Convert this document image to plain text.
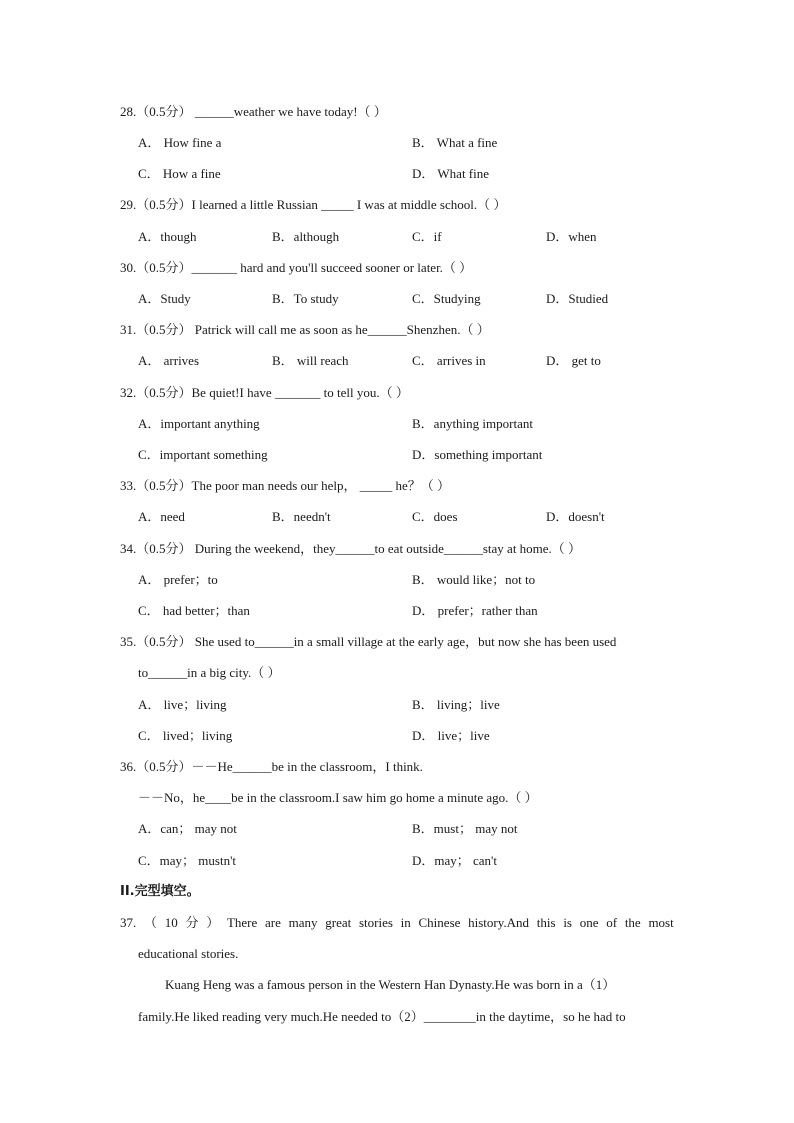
28.（0.5分） ______weather we have today!（ ）
A． How fine a	B． What a fine
C． How a fine	D． What fine
29.（0.5分）I learned a little Russian _____ I was at middle school.（ ）
A．though	B．although	C．if	D．when
30.（0.5分）_______ hard and you'll succeed sooner or later.（ ）
A．Study	B．To study	C．Studying	D．Studied
31.（0.5分） Patrick will call me as soon as he______Shenzhen.（ ）
A． arrives	B． will reach	C． arrives in	D． get to
32.（0.5分）Be quiet!I have _______ to tell you.（ ）
A．important anything	B．anything important
C．important something	D．something important
33.（0.5分）The poor man needs our help， _____ he？（ ）
A．need	B．needn't	C．does	D．doesn't
34.（0.5分） During the weekend，they______to eat outside______stay at home.（ ）
A． prefer；to	B． would like；not to
C． had better；than	D． prefer；rather than
35.（0.5分） She used to______in a small village at the early age，but now she has been used
to______in a big city.（ ）
A． live；living	B． living；live
C． lived；living	D． live；live
36.（0.5分）－－He______be in the classroom，I think.
－－No，he____be in the classroom.I saw him go home a minute ago.（ ）
A．can； may not	B．must； may not
C．may； mustn't	D．may； can't
II.完型填空。
37. （ 10 分 ） There are many great stories in Chinese history.And this is one of the most
educational stories.
Kuang Heng was a famous person in the Western Han Dynasty.He was born in a（1）
family.He liked reading very much.He needed to（2）________in the daytime，so he had to
